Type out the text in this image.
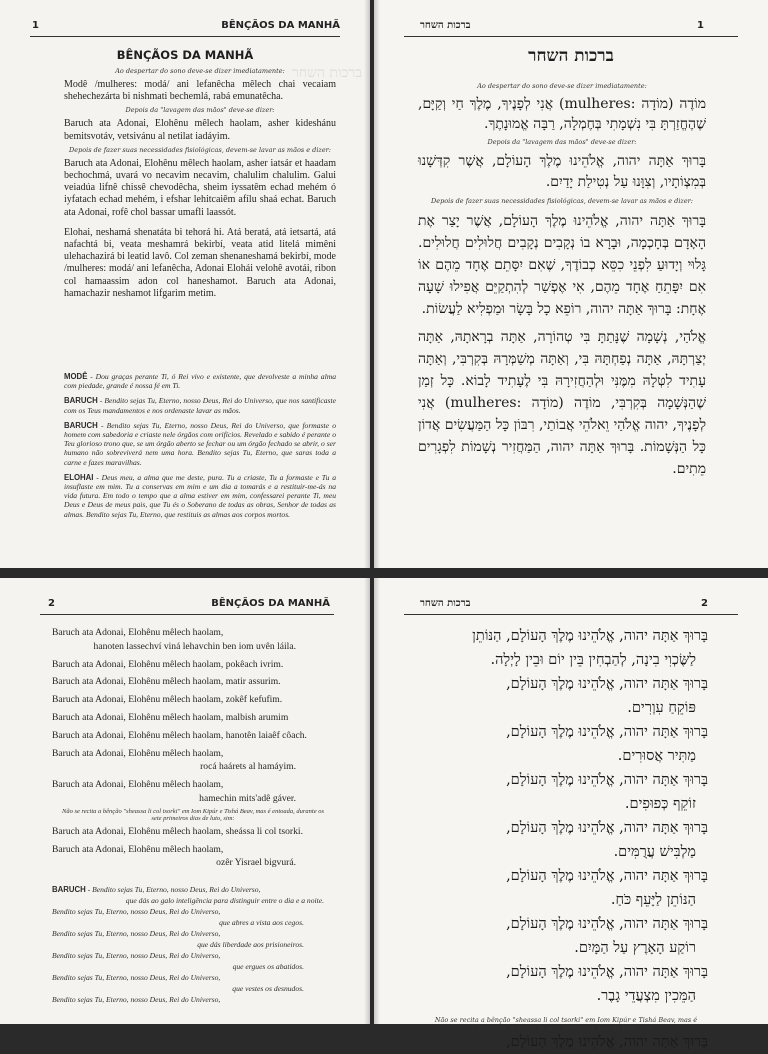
ברכות השחר
1	BÊNÇÃOS DA MANHÃ
BÊNÇÃOS DA MANHÃ
Ao despertar do sono deve-se dizer imediatamente:
Modê /mulheres: modá/ ani lefanêcha mêlech chai vecaiam shehechezárta bi nishmati bechemlá, rabá emunatêcha.
Depois da "lavagem das mãos" deve-se dizer:
Baruch ata Adonai, Elohênu mêlech haolam, asher kideshánu bemitsvotáv, vetsivánu al netilat iadáyim.
Depois de fazer suas necessidades fisiológicas, devem-se lavar as mãos e dizer:
Baruch ata Adonai, Elohênu mêlech haolam, asher iatsár et haadam bechochmá, uvará vo necavim necavim, chalulim chalulim. Galui veiadúa lifnê chissê chevodêcha, sheim iyssatêm echad mehém ó iyfatach echad mehém, i efshar lehitcaiêm afílu shaá echat. Baruch ata Adonai, rofê chol bassar umafli laassót.
Elohai, neshamá shenatáta bi tehorá hi. Atá beratá, atá ietsartá, atá nafachtá bi, veata meshamrá bekirbí, veata atid litelá mimêni ulehachazirá bi leatid lavô. Col zeman shenaneshamá bekirbí, mode /mulheres: modá/ ani lefanêcha, Adonai Elohái velohê avotái, ribon col hamaassim adon col haneshamot. Baruch ata Adonai, hamachazir neshamot lifgarim metim.
MODÊ - Dou graças perante Ti, ó Rei vivo e existente, que devolveste a minha alma com piedade, grande é nossa fé em Ti.
BARUCH - Bendito sejas Tu, Eterno, nosso Deus, Rei do Universo, que nos santificaste com os Teus mandamentos e nos ordenaste lavar as mãos.
BARUCH - Bendito sejas Tu, Eterno, nosso Deus, Rei do Universo, que formaste o homem com sabedoria e criaste nele órgãos com orifícios. Revelado e sabido é perante o Teu glorioso trono que, se um órgão aberto se fechar ou um órgão fechado se abrir, o ser humano não sobreviverá nem uma hora. Bendito sejas Tu, Eterno, que saras toda a carne e fazes maravilhas.
ELOHAI - Deus meu, a alma que me deste, pura. Tu a criaste, Tu a formaste e Tu a insuflaste em mim. Tu a conservas em mim e um dia a tomarás e a restituir-me-ás na vida futura. Em todo o tempo que a alma estiver em mim, confessarei perante Ti, meu Deus e Deus de meus pais, que Tu és o Soberano de todas as obras, Senhor de todas as almas. Bendito sejas Tu, Eterno, que restituis as almas aos corpos mortos.
ברכות השחר	1
ברכות השחר
Ao despertar do sono deve-se dizer imediatamente:
מוֹדֶה (מוֹדָה :mulheres) אֲנִי לְפָנֶיךָ, מֶלֶךְ חַי וְקַיָּם, שֶׁהֶחֱזַרְתָּ בִּי נִשְׁמָתִי בְּחֶמְלָה, רַבָּה אֱמוּנָתֶךָ.
Depois da "lavagem das mãos" deve-se dizer:
בָּרוּךְ אַתָּה יהוה, אֱלֹהֵינוּ מֶלֶךְ הָעוֹלָם, אֲשֶׁר קִדְּשָׁנוּ בְּמִצְוֹתָיו, וְצִוָּנוּ עַל נְטִילַת יָדַיִם.
Depois de fazer suas necessidades fisiológicas, devem-se lavar as mãos e dizer:
בָּרוּךְ אַתָּה יהוה, אֱלֹהֵינוּ מֶלֶךְ הָעוֹלָם, אֲשֶׁר יָצַר אֶת הָאָדָם בְּחָכְמָה, וּבָרָא בוֹ נְקָבִים נְקָבִים חֲלוּלִים חֲלוּלִים. גָּלוּי וְיָדוּעַ לִפְנֵי כִסֵּא כְבוֹדֶךָ, שֶׁאִם יִסָּתֵם אֶחָד מֵהֶם אוֹ אִם יִפָּתֵחַ אֶחָד מֵהֶם, אִי אֶפְשַׁר לְהִתְקַיֵּם אֲפִילוּ שָׁעָה אֶחָת: בָּרוּךְ אַתָּה יהוה, רוֹפֵא כָל בָּשָׂר וּמַפְלִיא לַעֲשׂוֹת.
אֱלֹהַי, נְשָׁמָה שֶׁנָּתַתָּ בִּי טְהוֹרָה, אַתָּה בְרָאתָהּ, אַתָּה יְצַרְתָּהּ, אַתָּה נְפַחְתָּהּ בִּי, וְאַתָּה מְשַׁמְּרָהּ בְּקִרְבִּי, וְאַתָּה עָתִיד לִטְּלָהּ מִמֶּנִּי וּלְהַחֲזִירָהּ בִּי לֶעָתִיד לָבוֹא. כָּל זְמַן שֶׁהַנְּשָׁמָה בְּקִרְבִּי, מוֹדֶה (מוֹדָה :mulheres) אֲנִי לְפָנֶיךָ, יהוה אֱלֹהַי וֵאלֹהֵי אֲבוֹתַי, רִבּוֹן כָּל הַמַּעֲשִׂים אֲדוֹן כָּל הַנְּשָׁמוֹת. בָּרוּךְ אַתָּה יהוה, הַמַּחֲזִיר נְשָׁמוֹת לִפְגָרִים מֵתִים.
2	BÊNÇÃOS DA MANHÃ

Baruch ata Adonai, Elohênu mêlech haolam,

hanoten lassechví viná lehavchin ben iom uvên láila.

Baruch ata Adonai, Elohênu mêlech haolam, pokêach ivrim.

Baruch ata Adonai, Elohênu mêlech haolam, matir assurim.

Baruch ata Adonai, Elohênu mêlech haolam, zokêf kefufim.

Baruch ata Adonai, Elohênu mêlech haolam, malbish arumim

Baruch ata Adonai, Elohênu mêlech haolam, hanotên laiaêf côach.

Baruch ata Adonai, Elohênu mêlech haolam,

rocá haárets al hamáyim.

Baruch ata Adonai, Elohênu mêlech haolam,

hamechin mits'adê gáver.

Não se recita a bênção "sheassa li col tsorki" em Iom Kipúr e Tishá Beav, mas é entoada, durante os sete primeiros dias de luto, sim:

Baruch ata Adonai, Elohênu mêlech haolam, sheássa li col tsorki.

Baruch ata Adonai, Elohênu mêlech haolam,

ozêr Yisrael bigvurá.

BARUCH - Bendito sejas Tu, Eterno, nosso Deus, Rei do Universo,
que dás ao galo inteligência para distinguir entre o dia e a noite.
Bendito sejas Tu, Eterno, nosso Deus, Rei do Universo,
que abres a vista aos cegos.
Bendito sejas Tu, Eterno, nosso Deus, Rei do Universo,
que dás liberdade aos prisioneiros.
Bendito sejas Tu, Eterno, nosso Deus, Rei do Universo,
que ergues os abatidos.
Bendito sejas Tu, Eterno, nosso Deus, Rei do Universo,
que vestes os desnudos.
Bendito sejas Tu, Eterno, nosso Deus, Rei do Universo,
ברכות השחר	2

בָּרוּךְ אַתָּה יהוה, אֱלֹהֵינוּ מֶלֶךְ הָעוֹלָם, הַנּוֹתֵן

לַשֶּׂכְוִי בִינָה, לְהַבְחִין בֵּין יוֹם וּבֵין לָיְלָה.

בָּרוּךְ אַתָּה יהוה, אֱלֹהֵינוּ מֶלֶךְ הָעוֹלָם,

פּוֹקֵחַ עִוְרִים.

בָּרוּךְ אַתָּה יהוה, אֱלֹהֵינוּ מֶלֶךְ הָעוֹלָם,

מַתִּיר אֲסוּרִים.

בָּרוּךְ אַתָּה יהוה, אֱלֹהֵינוּ מֶלֶךְ הָעוֹלָם,

זוֹקֵף כְּפוּפִים.

בָּרוּךְ אַתָּה יהוה, אֱלֹהֵינוּ מֶלֶךְ הָעוֹלָם,

מַלְבִּישׁ עֲרֻמִּים.

בָּרוּךְ אַתָּה יהוה, אֱלֹהֵינוּ מֶלֶךְ הָעוֹלָם,

הַנּוֹתֵן לַיָּעֵף כֹּחַ.

בָּרוּךְ אַתָּה יהוה, אֱלֹהֵינוּ מֶלֶךְ הָעוֹלָם,

רוֹקַע הָאָרֶץ עַל הַמָּיִם.

בָּרוּךְ אַתָּה יהוה, אֱלֹהֵינוּ מֶלֶךְ הָעוֹלָם,

הַמֵּכִין מִצְעֲדֵי גָבֶר.

Não se recita a bênção "sheassa li col tsorki" em Iom Kipúr e Tishá Beav, mas é entoada, durante os sete primeiros dias de luto, sim:

בָּרוּךְ אַתָּה יהוה, אֱלֹהֵינוּ מֶלֶךְ הָעוֹלָם,
